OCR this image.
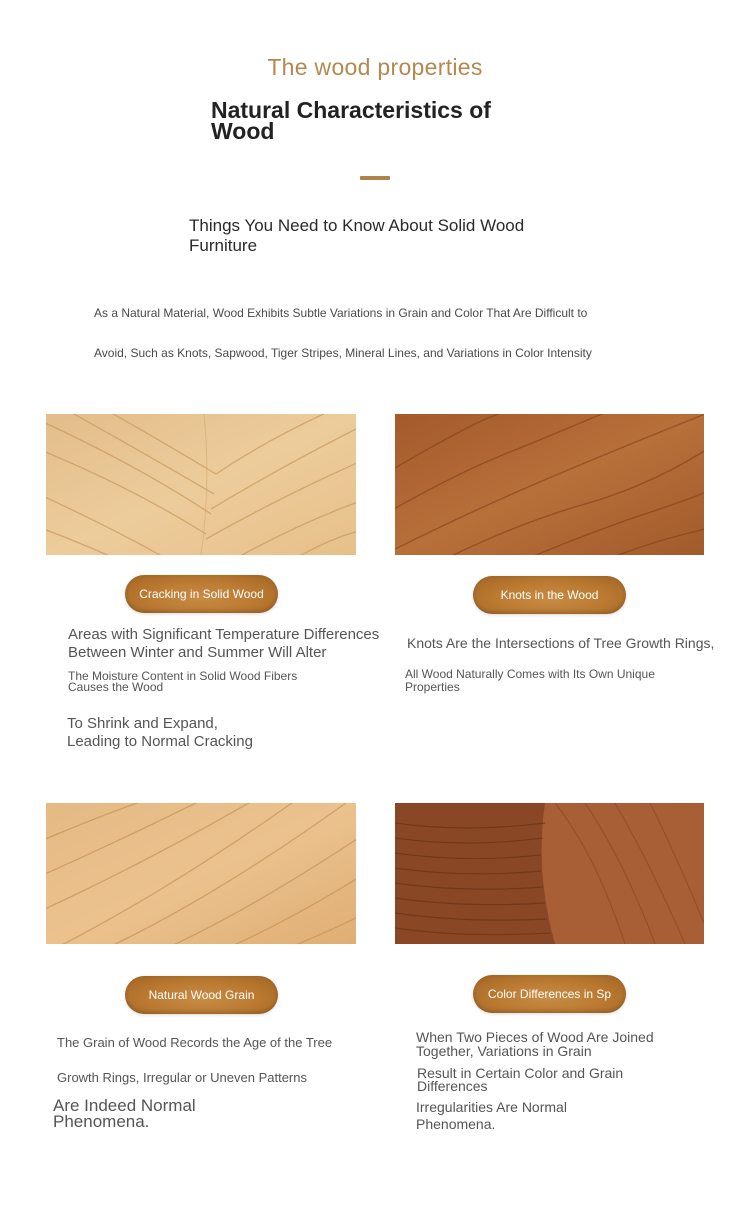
The wood properties
Natural Characteristics of
Wood
Things You Need to Know About Solid Wood
Furniture
As a Natural Material, Wood Exhibits Subtle Variations in Grain and Color That Are Difficult to
Avoid, Such as Knots, Sapwood, Tiger Stripes, Mineral Lines, and Variations in Color Intensity
Cracking in Solid Wood
Areas with Significant Temperature Differences
Between Winter and Summer Will Alter
The Moisture Content in Solid Wood Fibers
Causes the Wood
To Shrink and Expand,
Leading to Normal Cracking
Knots in the Wood
Knots Are the Intersections of Tree Growth Rings,
All Wood Naturally Comes with Its Own Unique
Properties
Natural Wood Grain
The Grain of Wood Records the Age of the Tree
Growth Rings, Irregular or Uneven Patterns
Are Indeed Normal
Phenomena.
Color Differences in Sp
When Two Pieces of Wood Are Joined
Together, Variations in Grain
Result in Certain Color and Grain
Differences
Irregularities Are Normal
Phenomena.
